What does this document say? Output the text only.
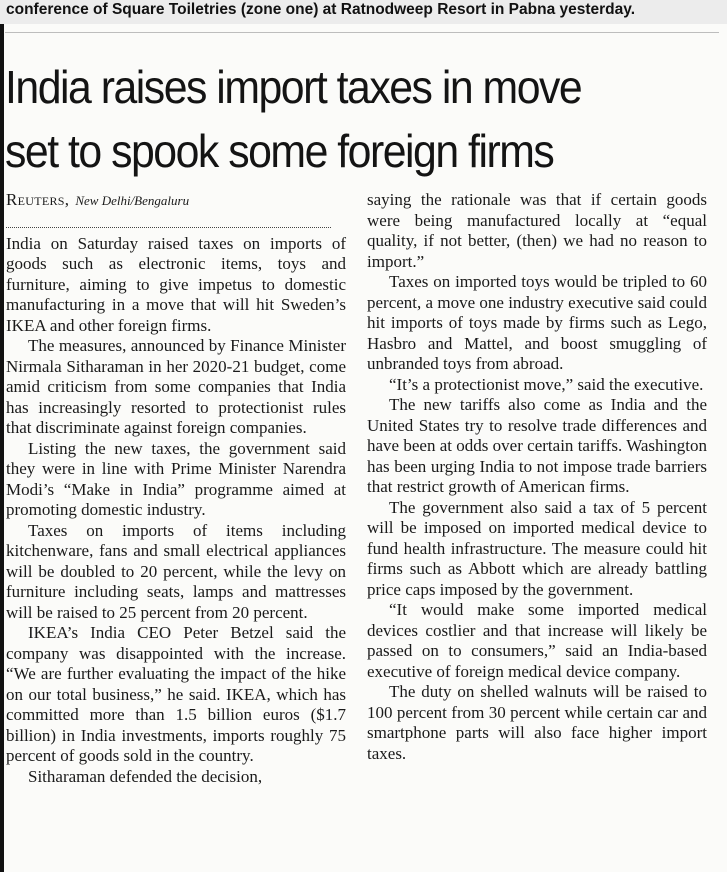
conference of Square Toiletries (zone one) at Ratnodweep Resort in Pabna yesterday.
India raises import taxes in move
set to spook some foreign firms
Reuters, New Delhi/Bengaluru

India on Saturday raised taxes on imports of goods such as electronic items, toys and furniture, aiming to give impetus to domestic manufacturing in a move that will hit Sweden’s IKEA and other foreign firms.

The measures, announced by Finance Minister Nirmala Sitharaman in her 2020-21 budget, come amid criticism from some companies that India has increasingly resorted to protectionist rules that discriminate against foreign companies.

Listing the new taxes, the government said they were in line with Prime Minister Narendra Modi’s “Make in India” programme aimed at promoting domestic industry.

Taxes on imports of items including kitchenware, fans and small electrical appliances will be doubled to 20 percent, while the levy on furniture including seats, lamps and mattresses will be raised to 25 percent from 20 percent.

IKEA’s India CEO Peter Betzel said the company was disappointed with the increase. “We are further evaluating the impact of the hike on our total business,” he said. IKEA, which has committed more than 1.5 billion euros ($1.7 billion) in India investments, imports roughly 75 percent of goods sold in the country.

Sitharaman defended the decision,

saying the rationale was that if certain goods were being manufactured locally at “equal quality, if not better, (then) we had no reason to import.”

Taxes on imported toys would be tripled to 60 percent, a move one industry executive said could hit imports of toys made by firms such as Lego, Hasbro and Mattel, and boost smuggling of unbranded toys from abroad.

“It’s a protectionist move,” said the executive.

The new tariffs also come as India and the United States try to resolve trade differences and have been at odds over certain tariffs. Washington has been urging India to not impose trade barriers that restrict growth of American firms.

The government also said a tax of 5 percent will be imposed on imported medical device to fund health infrastructure. The measure could hit firms such as Abbott which are already battling price caps imposed by the government.

“It would make some imported medical devices costlier and that increase will likely be passed on to consumers,” said an India-based executive of foreign medical device company.

The duty on shelled walnuts will be raised to 100 percent from 30 percent while certain car and smartphone parts will also face higher import taxes.
